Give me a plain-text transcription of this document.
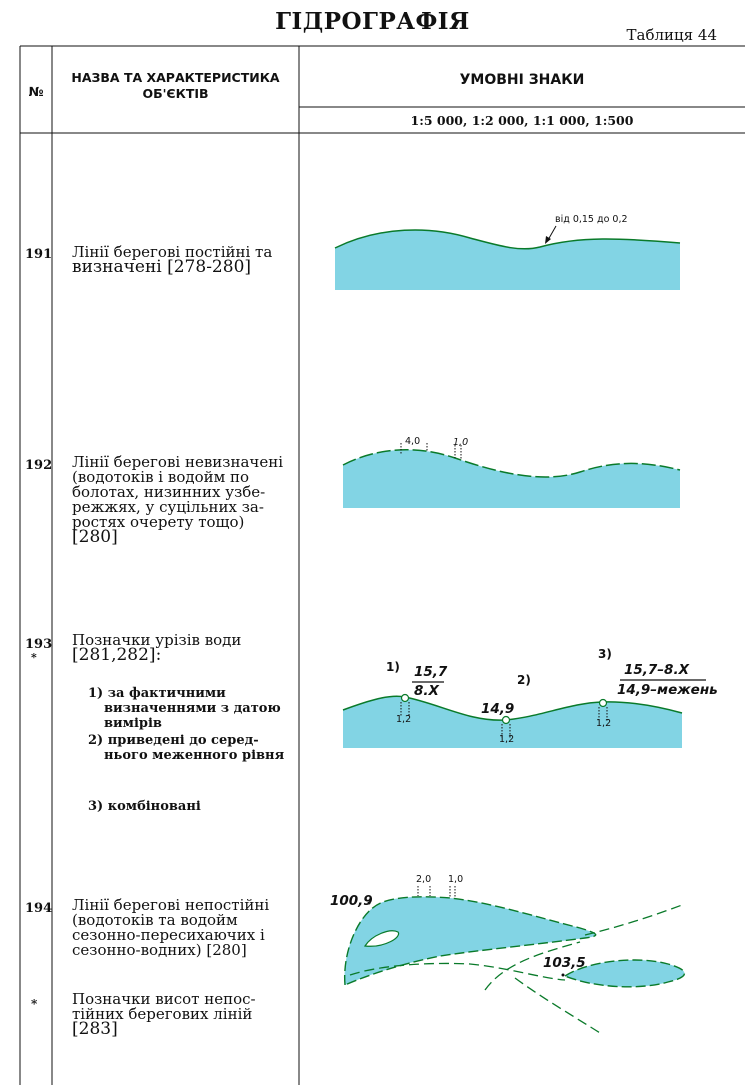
ГІДРОГРАФІЯ	Таблиця 44
№
НАЗВА ТА ХАРАКТЕРИСТИКА
ОБ'ЄКТІВ
УМОВНІ ЗНАКИ
1:5 000, 1:2 000, 1:1 000, 1:500
191 Лінії берегові постійні та
визначені [278-280]
від 0,15 до 0,2
192 Лінії берегові невизначені
(водотоків і водойм по
болотах, низинних узбе-
режжях, у суцільних за-
ростях очерету тощо)
[280]
4,0	1,0
193
*
Позначки урізів води
[281,282]:
1) за фактичними
визначеннями з датою
вимірів
2) приведені до серед-
нього меженного рівня
3) комбіновані
1) 15,7
8.X
1,2
2)
14,9
1,2
3)
15,7–8.X
14,9–межень
1,2
194 Лінії берегові непостійні
(водотоків та водойм
сезонно-пересихаючих і
сезонно-водних) [280]
* Позначки висот непос-
тійних берегових ліній
[283]
100,9
103,5
2,0 1,0
